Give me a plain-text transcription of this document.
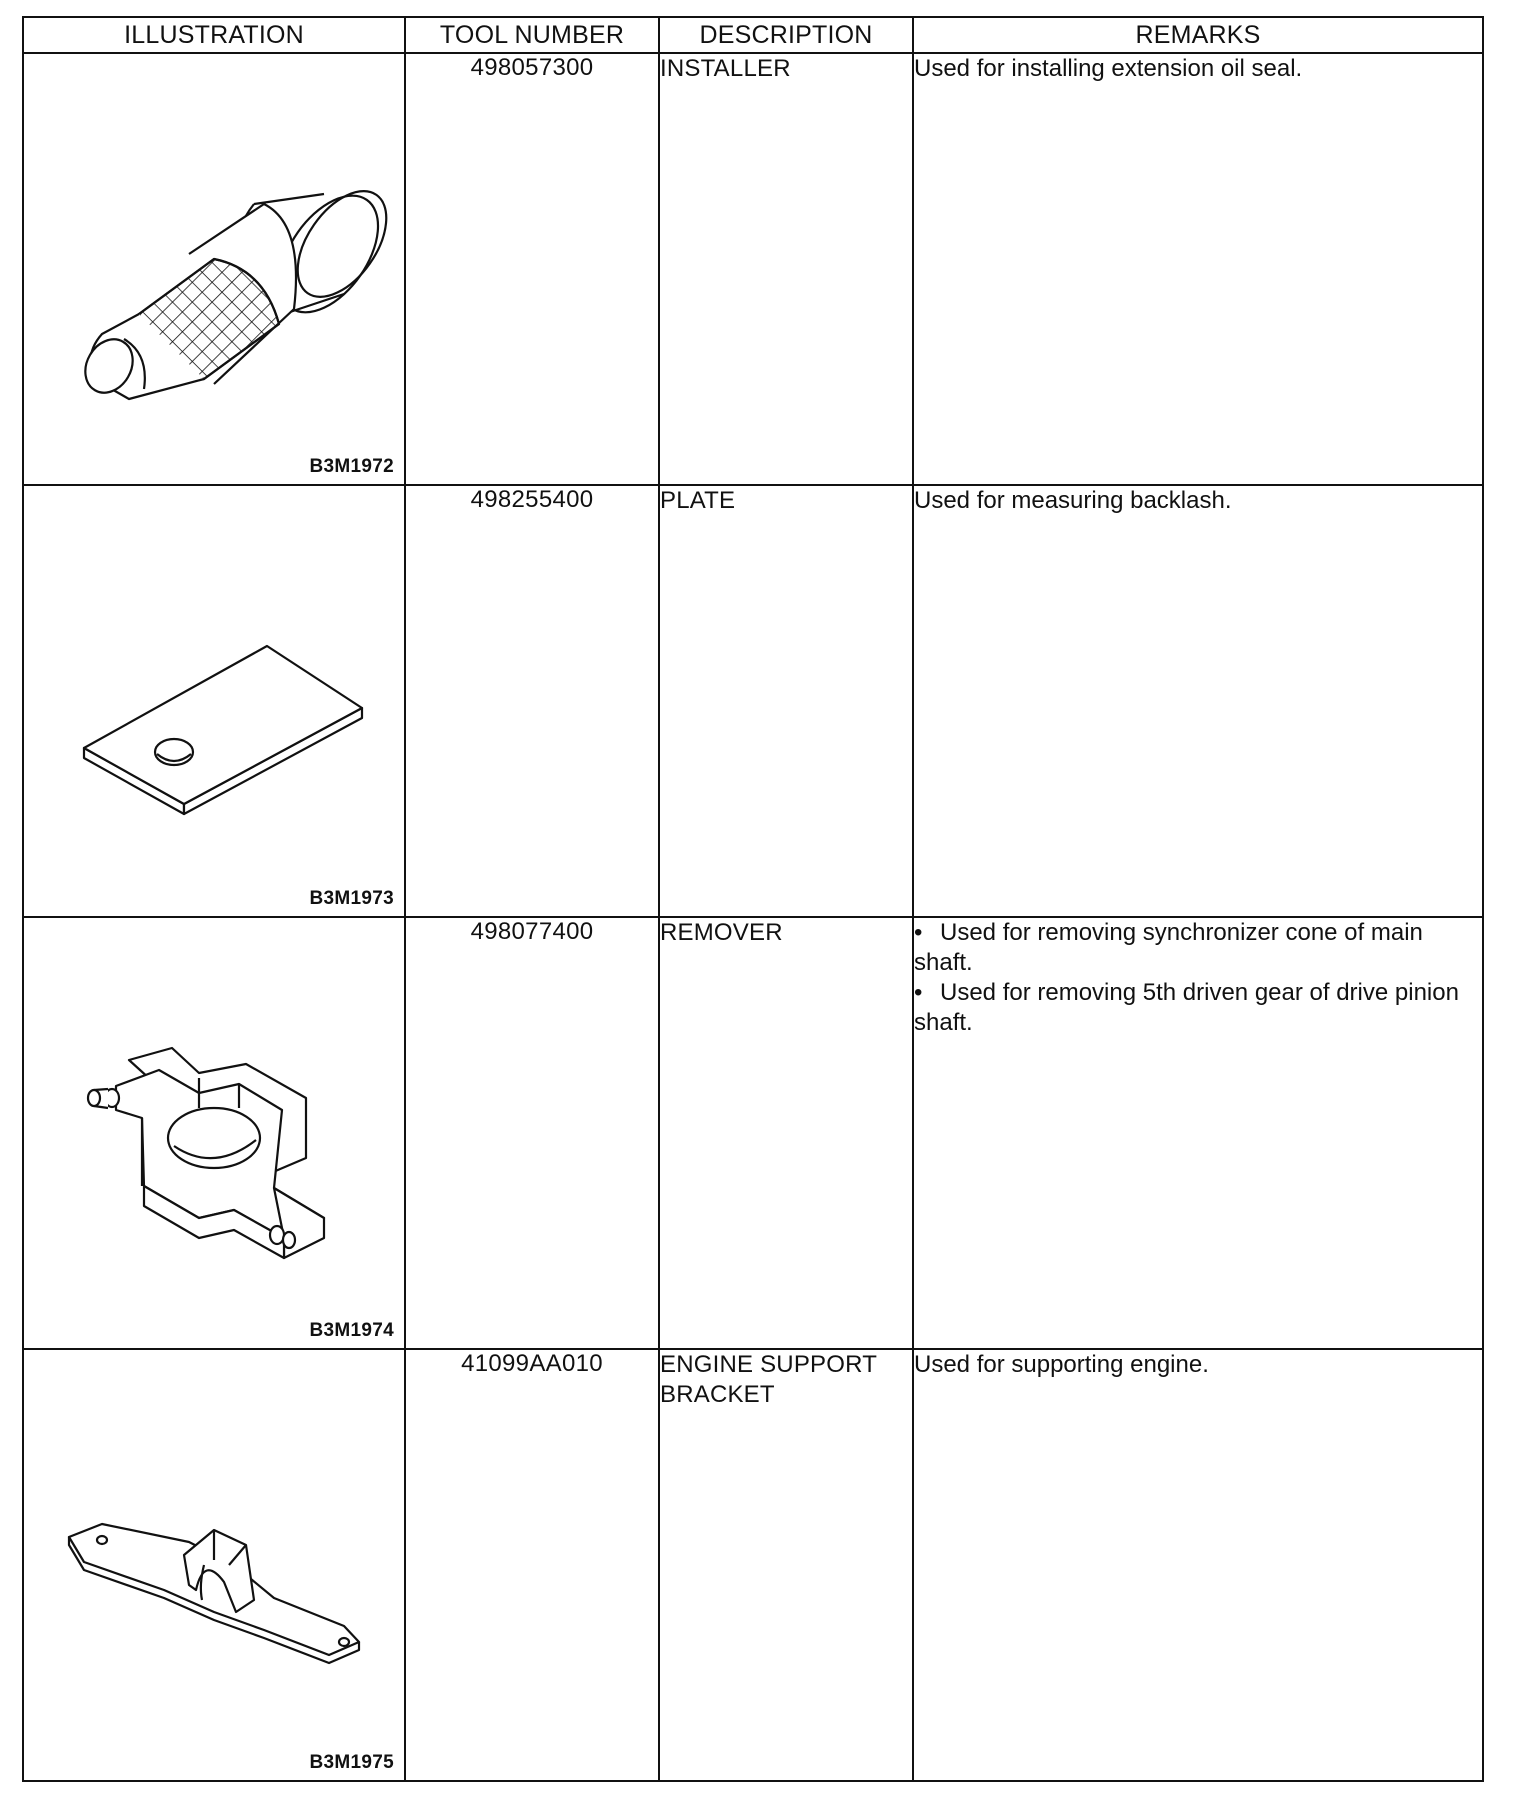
ILLUSTRATION	TOOL NUMBER	DESCRIPTION	REMARKS

B3M1972	498057300	INSTALLER	Used for installing extension oil seal.

B3M1973	498255400	PLATE	Used for measuring backlash.

B3M1974	498077400	REMOVER	• Used for removing synchronizer cone of main shaft.
• Used for removing 5th driven gear of drive pinion shaft.

B3M1975	41099AA010	ENGINE SUPPORT BRACKET	Used for supporting engine.
